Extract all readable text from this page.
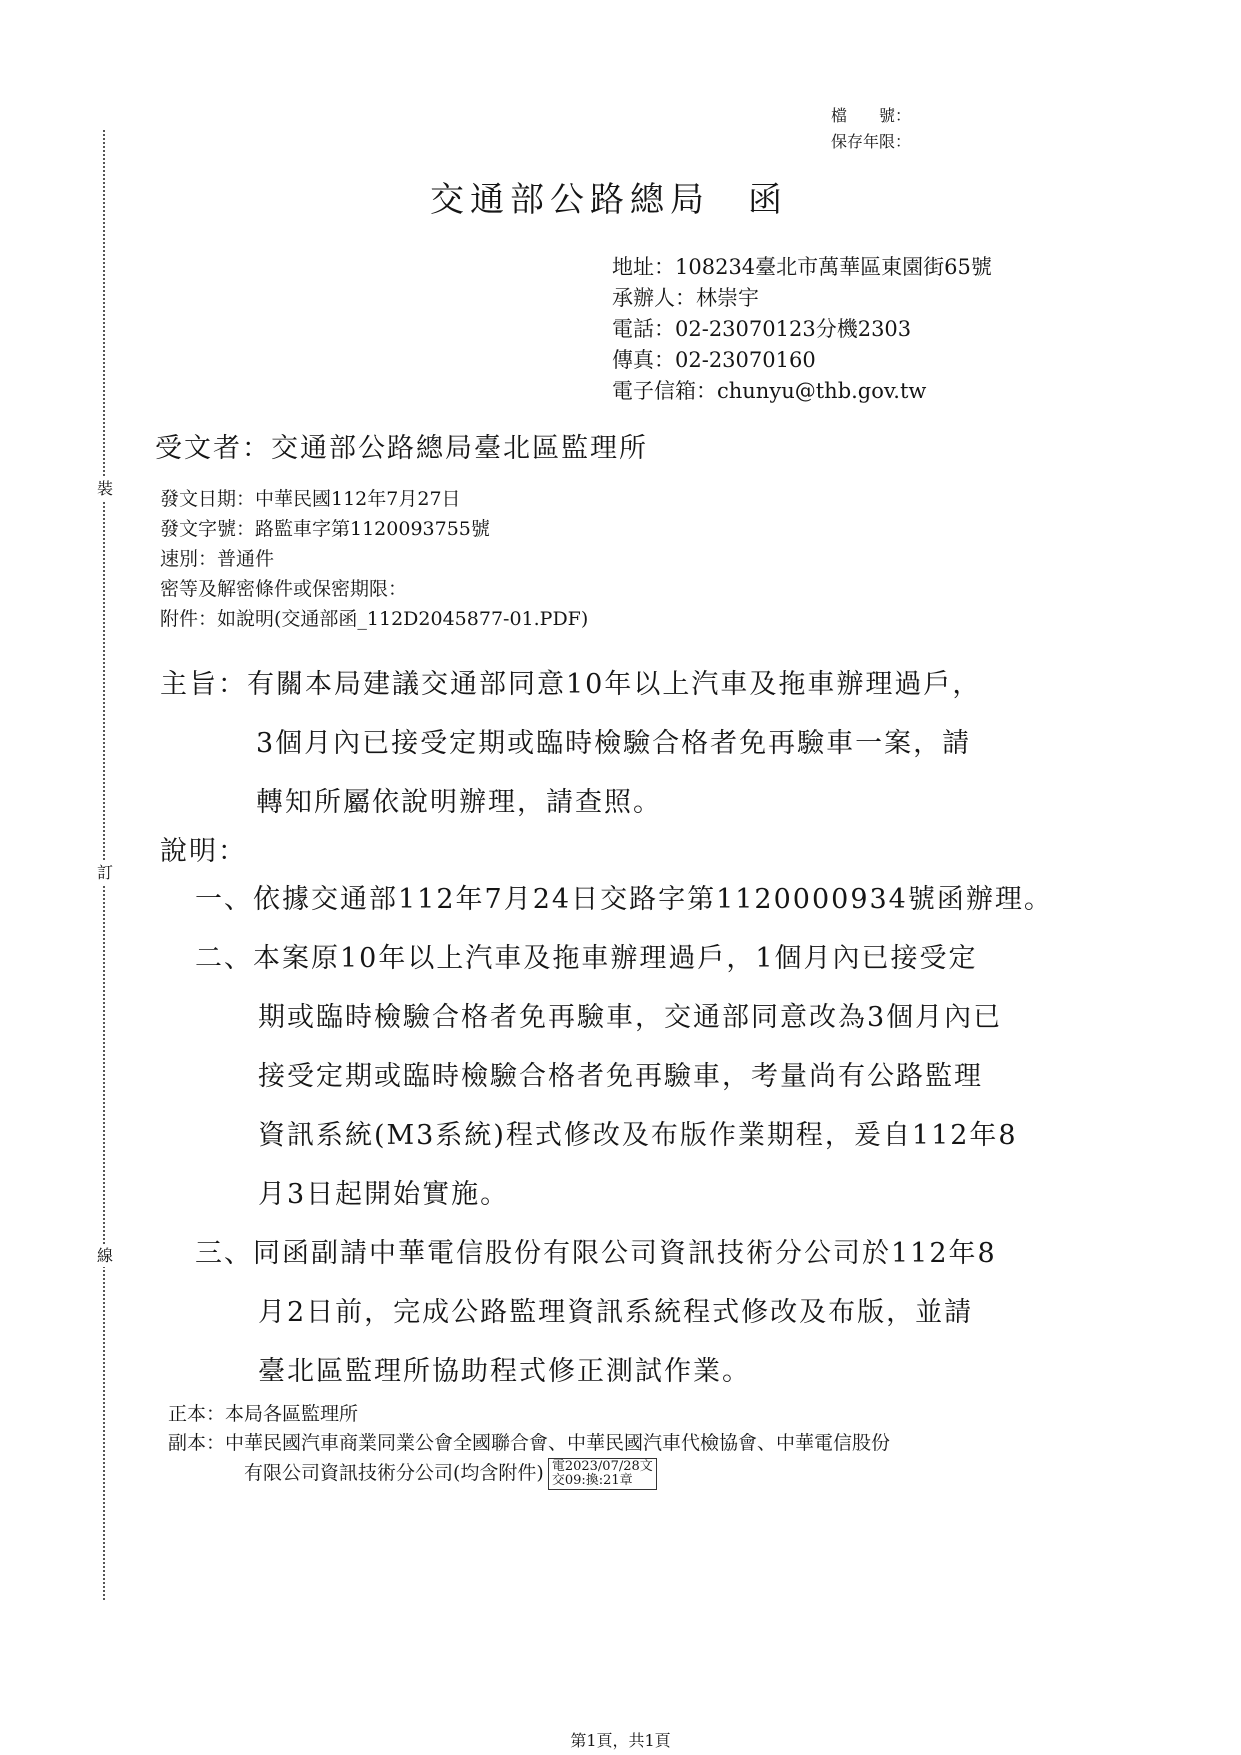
裝
訂
線
檔　　號：
保存年限：
交通部公路總局 函
地址：108234臺北市萬華區東園街65號
承辦人：林崇宇
電話：02-23070123分機2303
傳真：02-23070160
電子信箱：chunyu@thb.gov.tw
受文者：交通部公路總局臺北區監理所
發文日期：中華民國112年7月27日
發文字號：路監車字第1120093755號
速別：普通件
密等及解密條件或保密期限：
附件：如說明(交通部函_112D2045877-01.PDF)
主旨：有關本局建議交通部同意10年以上汽車及拖車辦理過戶，
3個月內已接受定期或臨時檢驗合格者免再驗車一案，請
轉知所屬依說明辦理，請查照。
說明：
一、依據交通部112年7月24日交路字第1120000934號函辦理。
二、本案原10年以上汽車及拖車辦理過戶，1個月內已接受定
期或臨時檢驗合格者免再驗車，交通部同意改為3個月內已
接受定期或臨時檢驗合格者免再驗車，考量尚有公路監理
資訊系統(M3系統)程式修改及布版作業期程，爰自112年8
月3日起開始實施。
三、同函副請中華電信股份有限公司資訊技術分公司於112年8
月2日前，完成公路監理資訊系統程式修改及布版，並請
臺北區監理所協助程式修正測試作業。
正本：本局各區監理所
副本：中華民國汽車商業同業公會全國聯合會、中華民國汽車代檢協會、中華電信股份
有限公司資訊技術分公司(均含附件) 電2023/07/28文
交09:換:21章
第1頁，共1頁
